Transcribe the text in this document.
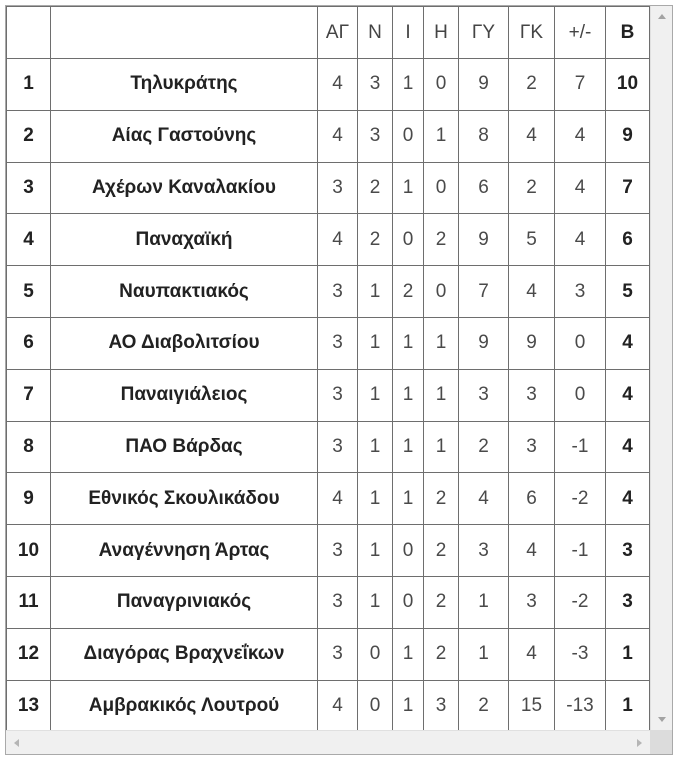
		ΑΓ	Ν	Ι	Η	ΓΥ	ΓΚ	+/-	Β
1	Τηλυκράτης	4	3	1	0	9	2	7	10
2	Αίας Γαστούνης	4	3	0	1	8	4	4	9
3	Αχέρων Καναλακίου	3	2	1	0	6	2	4	7
4	Παναχαϊκή	4	2	0	2	9	5	4	6
5	Ναυπακτιακός	3	1	2	0	7	4	3	5
6	ΑΟ Διαβολιτσίου	3	1	1	1	9	9	0	4
7	Παναιγιάλειος	3	1	1	1	3	3	0	4
8	ΠΑΟ Βάρδας	3	1	1	1	2	3	-1	4
9	Εθνικός Σκουλικάδου	4	1	1	2	4	6	-2	4
10	Αναγέννηση Άρτας	3	1	0	2	3	4	-1	3
11	Παναγρινιακός	3	1	0	2	1	3	-2	3
12	Διαγόρας Βραχνεΐκων	3	0	1	2	1	4	-3	1
13	Αμβρακικός Λουτρού	4	0	1	3	2	15	-13	1
